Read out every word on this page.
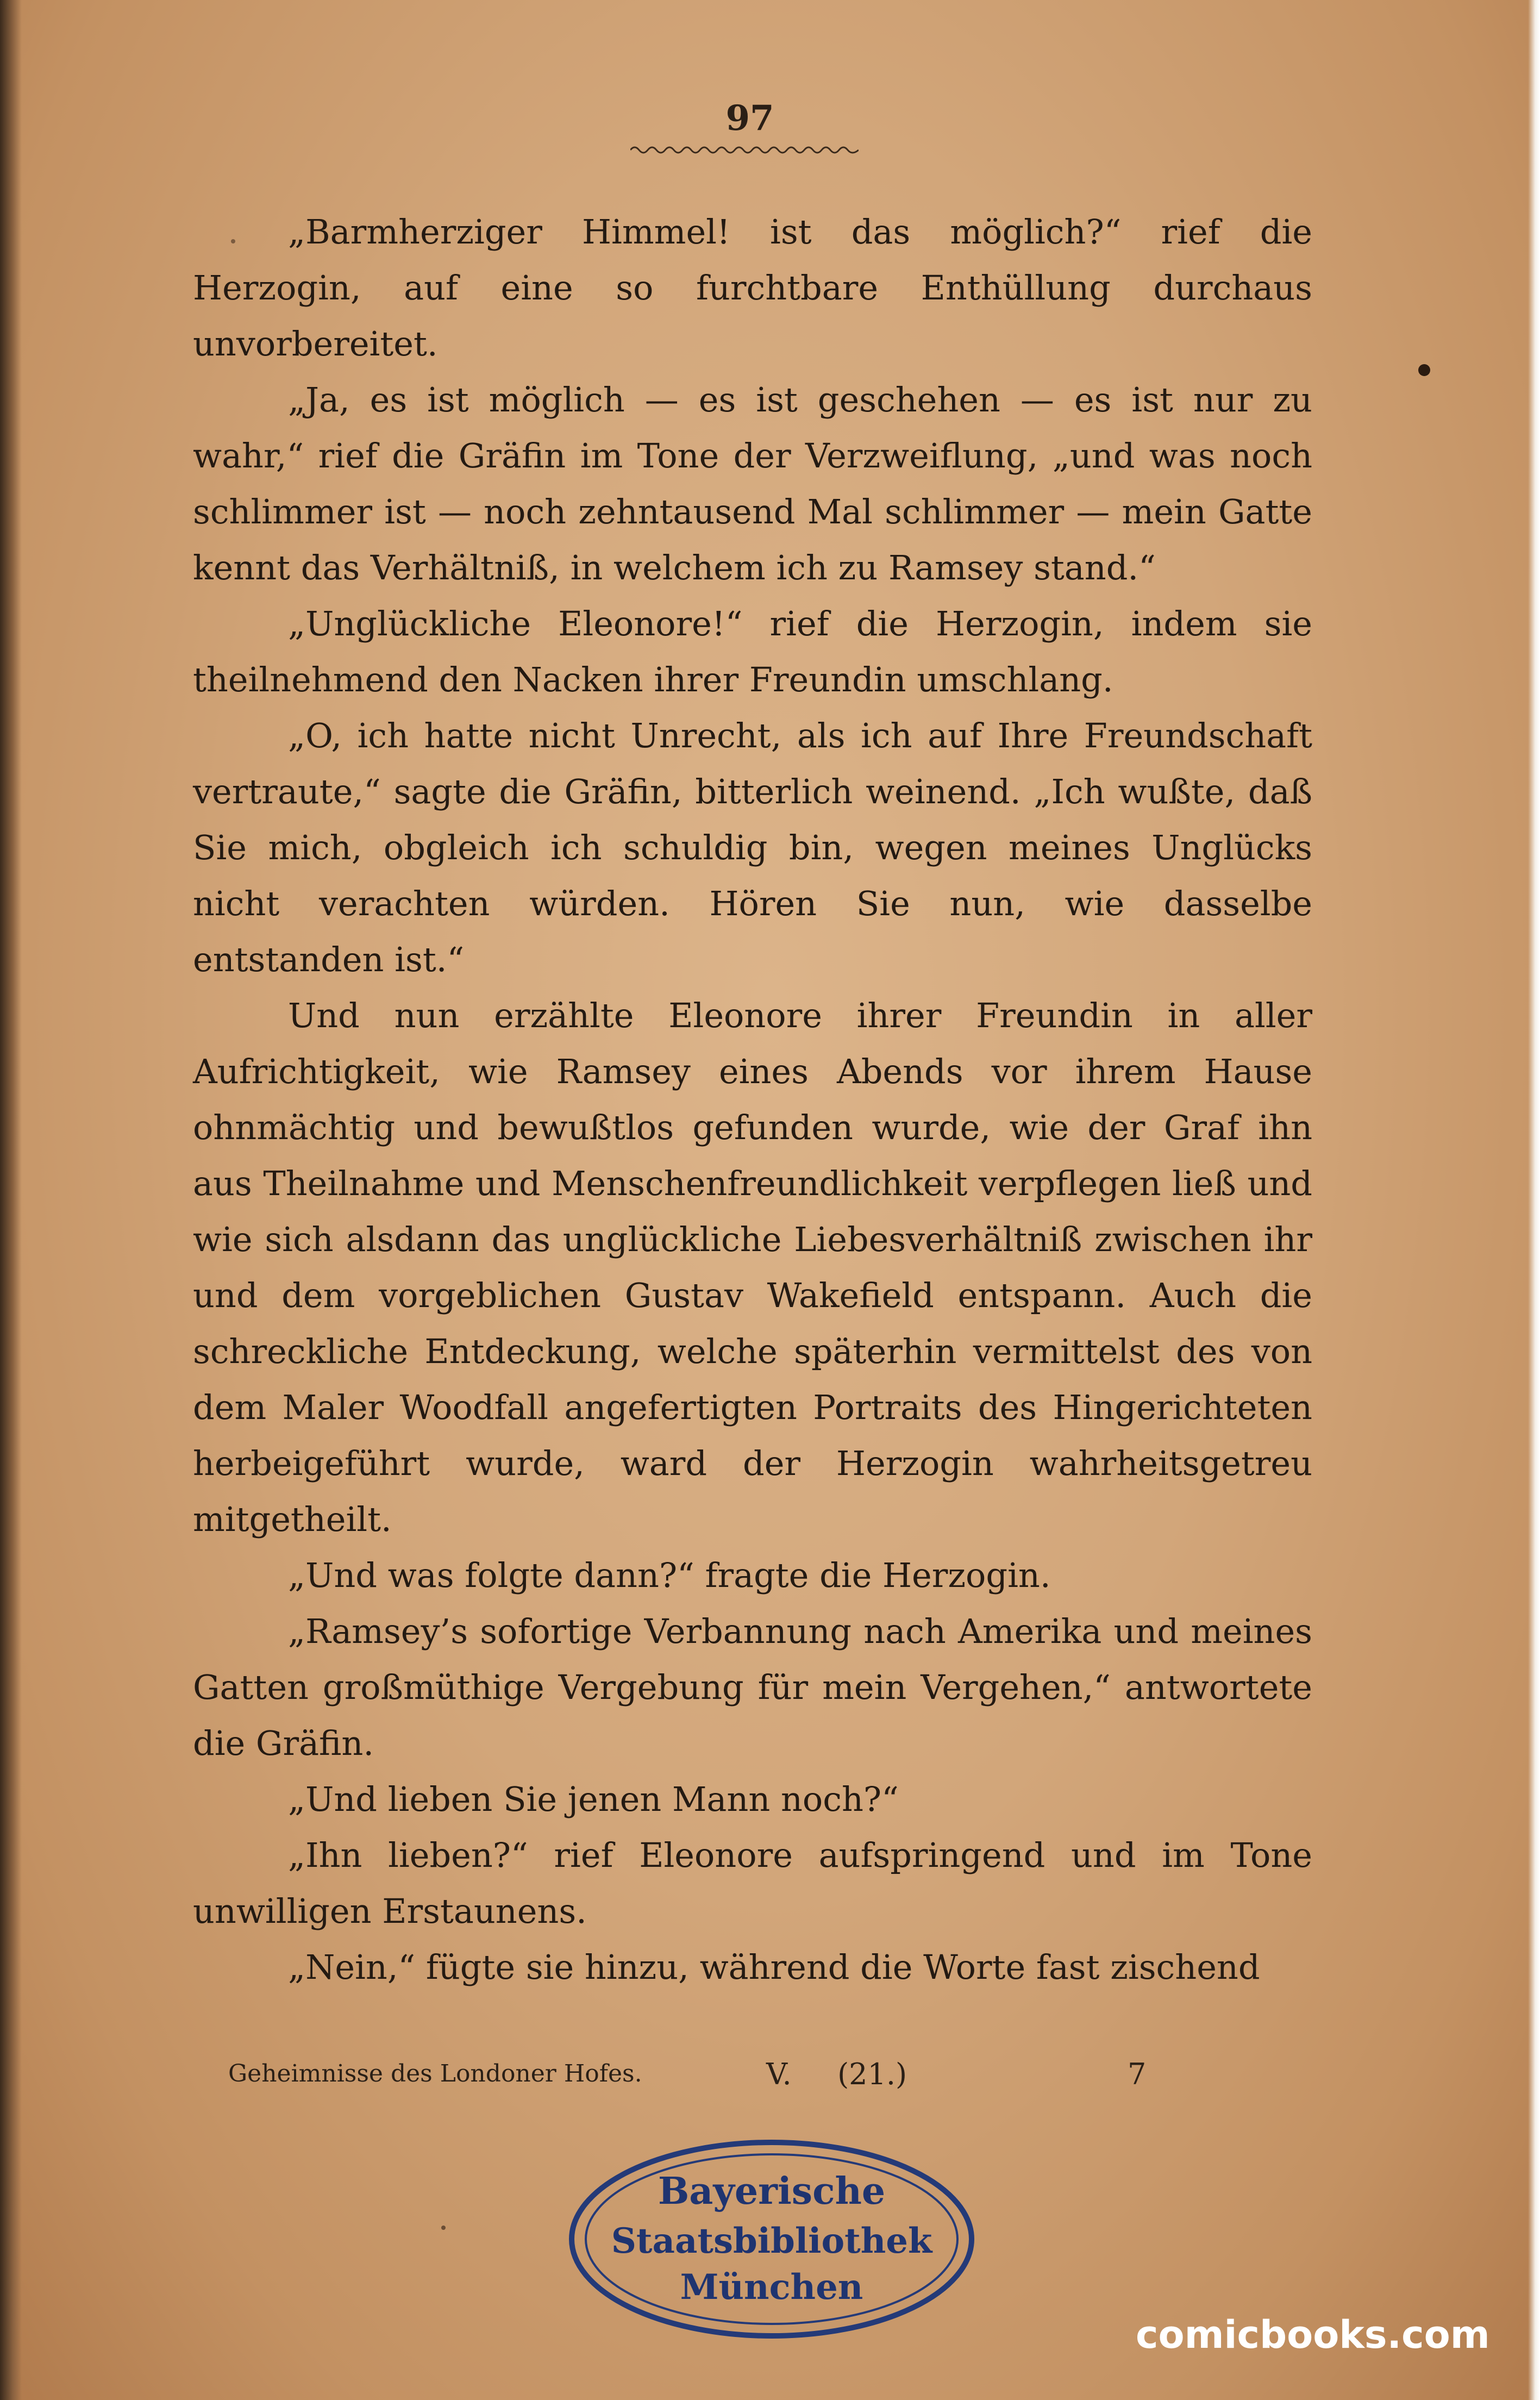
97

„Barmherziger Himmel! ist das möglich?“ rief die Herzogin, auf eine so furchtbare Enthüllung durchaus unvorbereitet.

„Ja, es ist möglich — es ist geschehen — es ist nur zu wahr,“ rief die Gräfin im Tone der Verzweiflung, „und was noch schlimmer ist — noch zehntausend Mal schlimmer — mein Gatte kennt das Verhältniß, in welchem ich zu Ramsey stand.“

„Unglückliche Eleonore!“ rief die Herzogin, indem sie theilnehmend den Nacken ihrer Freundin umschlang.

„O, ich hatte nicht Unrecht, als ich auf Ihre Freundschaft vertraute,“ sagte die Gräfin, bitterlich weinend. „Ich wußte, daß Sie mich, obgleich ich schuldig bin, wegen meines Unglücks nicht verachten würden. Hören Sie nun, wie dasselbe entstanden ist.“

Und nun erzählte Eleonore ihrer Freundin in aller Aufrichtigkeit, wie Ramsey eines Abends vor ihrem Hause ohnmächtig und bewußtlos gefunden wurde, wie der Graf ihn aus Theilnahme und Menschenfreundlichkeit verpflegen ließ und wie sich alsdann das unglückliche Liebesverhältniß zwischen ihr und dem vorgeblichen Gustav Wakefield entspann. Auch die schreckliche Entdeckung, welche späterhin vermittelst des von dem Maler Woodfall angefertigten Portraits des Hingerichteten herbeigeführt wurde, ward der Herzogin wahrheitsgetreu mitgetheilt.

„Und was folgte dann?“ fragte die Herzogin.

„Ramsey’s sofortige Verbannung nach Amerika und meines Gatten großmüthige Vergebung für mein Vergehen,“ antwortete die Gräfin.

„Und lieben Sie jenen Mann noch?“

„Ihn lieben?“ rief Eleonore aufspringend und im Tone unwilligen Erstaunens.

„Nein,“ fügte sie hinzu, während die Worte fast zischend

Geheimnisse des Londoner Hofes.	V. (21.)	7
Bayerische
Staatsbibliothek
München
comicbooks.com
